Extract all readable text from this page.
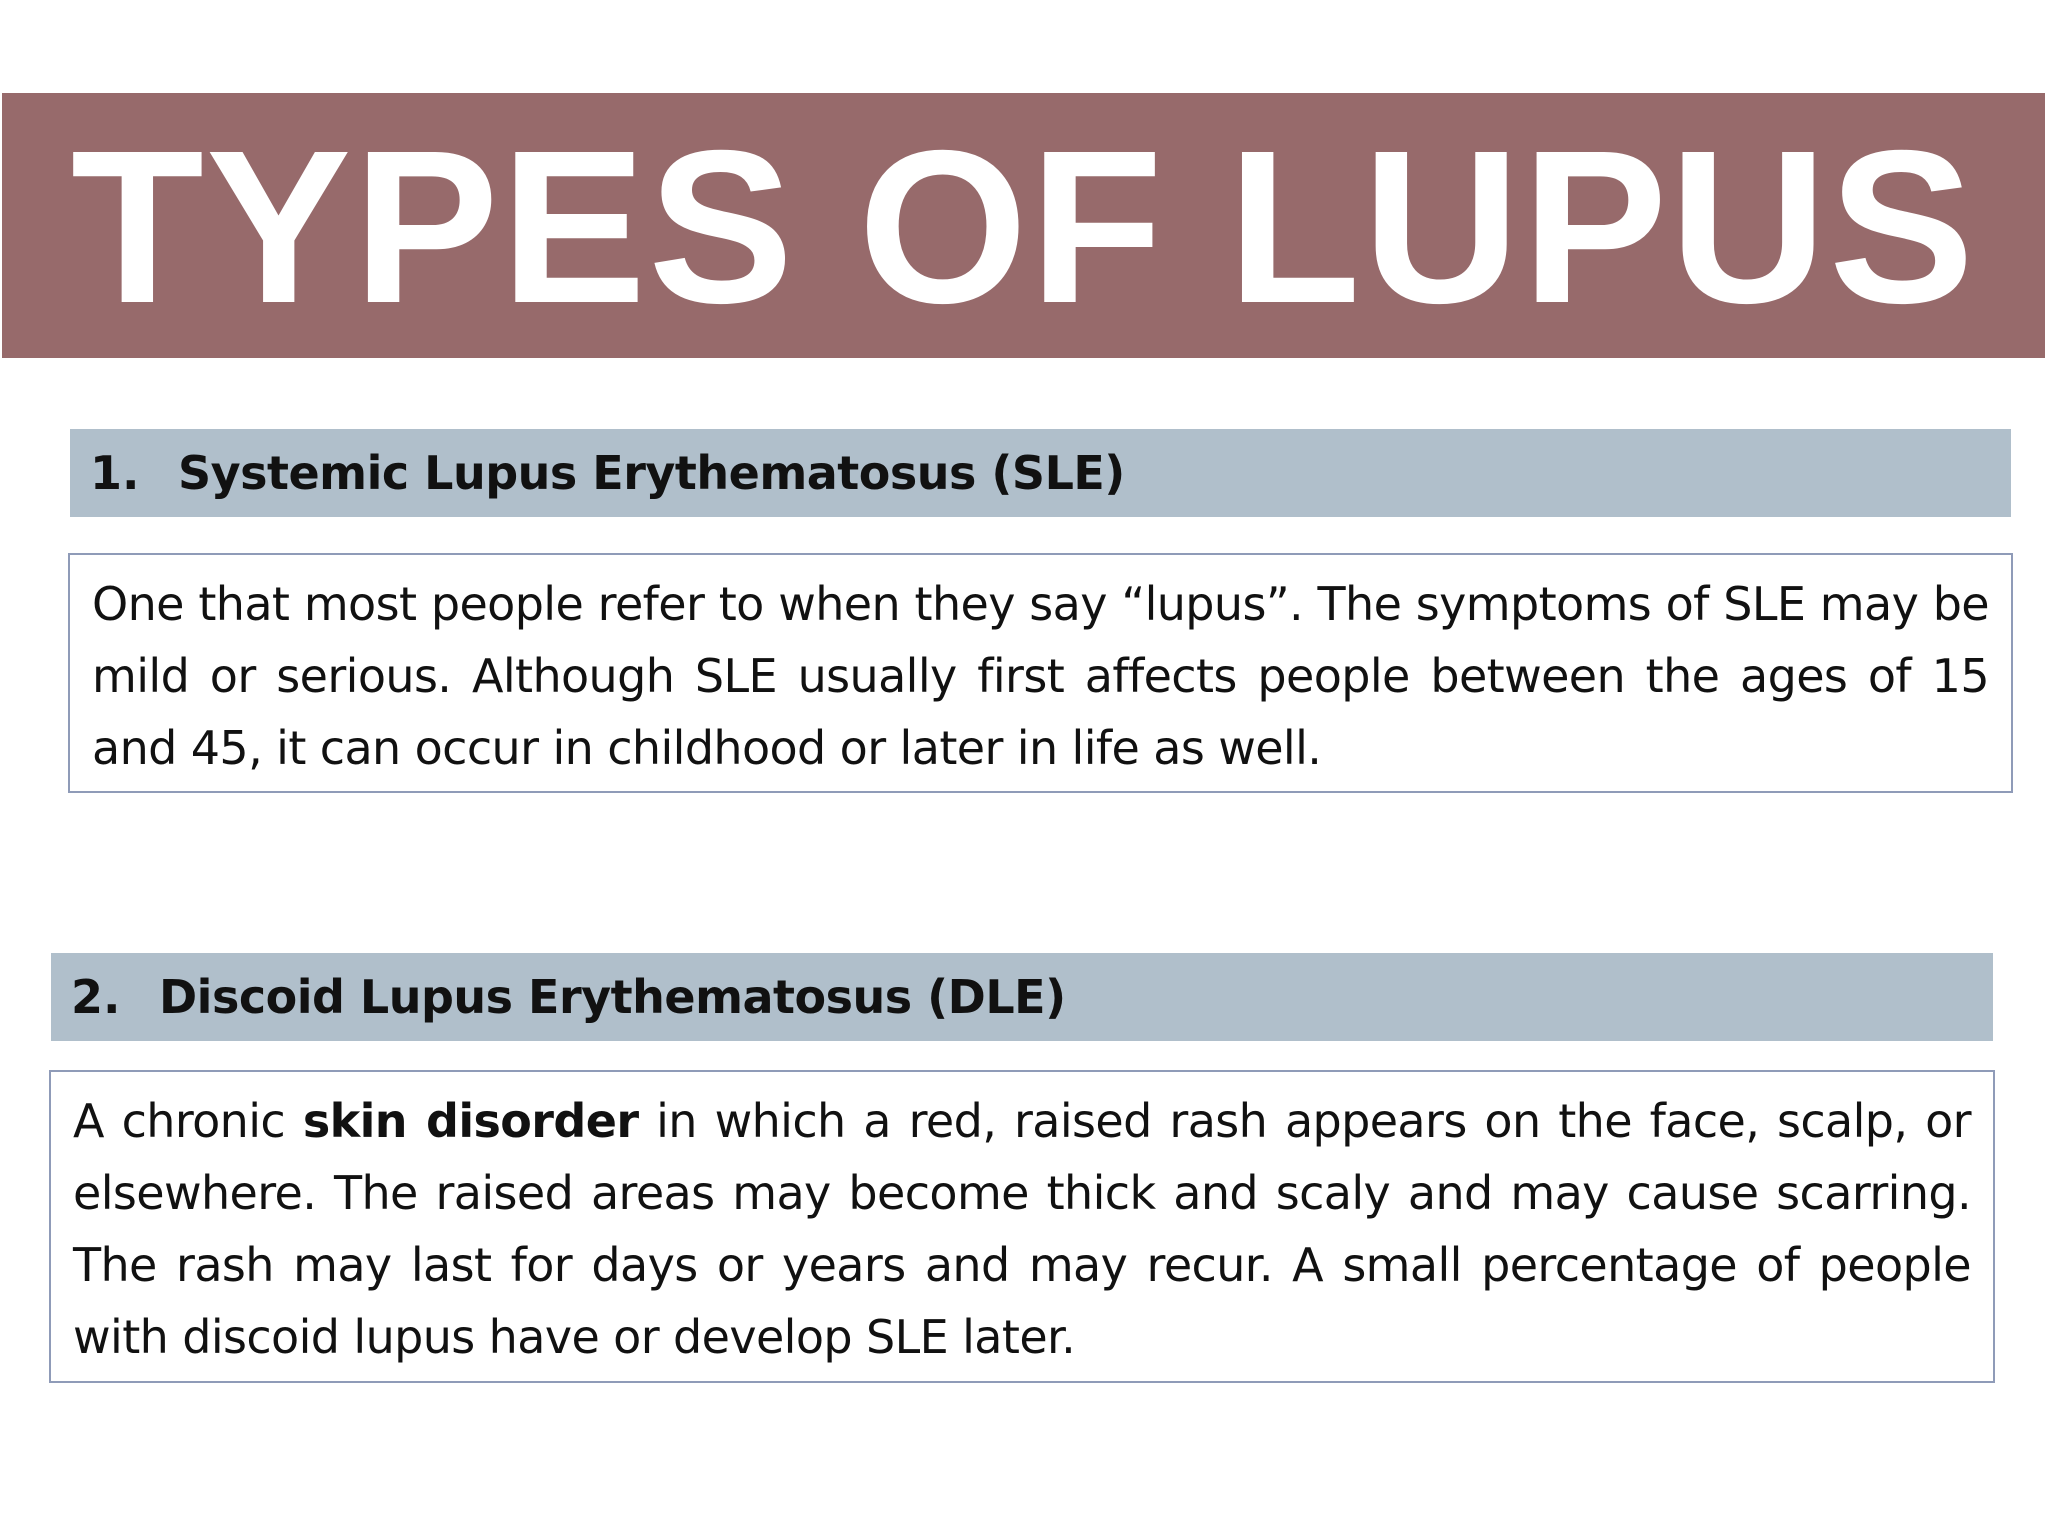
TYPES OF LUPUS
1. Systemic Lupus Erythematosus (SLE)

One that most people refer to when they say “lupus”. The symptoms of SLE may be mild or serious. Although SLE usually first affects people between the ages of 15 and 45, it can occur in childhood or later in life as well.

2. Discoid Lupus Erythematosus (DLE)

A chronic skin disorder in which a red, raised rash appears on the face, scalp, or elsewhere. The raised areas may become thick and scaly and may cause scarring. The rash may last for days or years and may recur. A small percentage of people with discoid lupus have or develop SLE later.
